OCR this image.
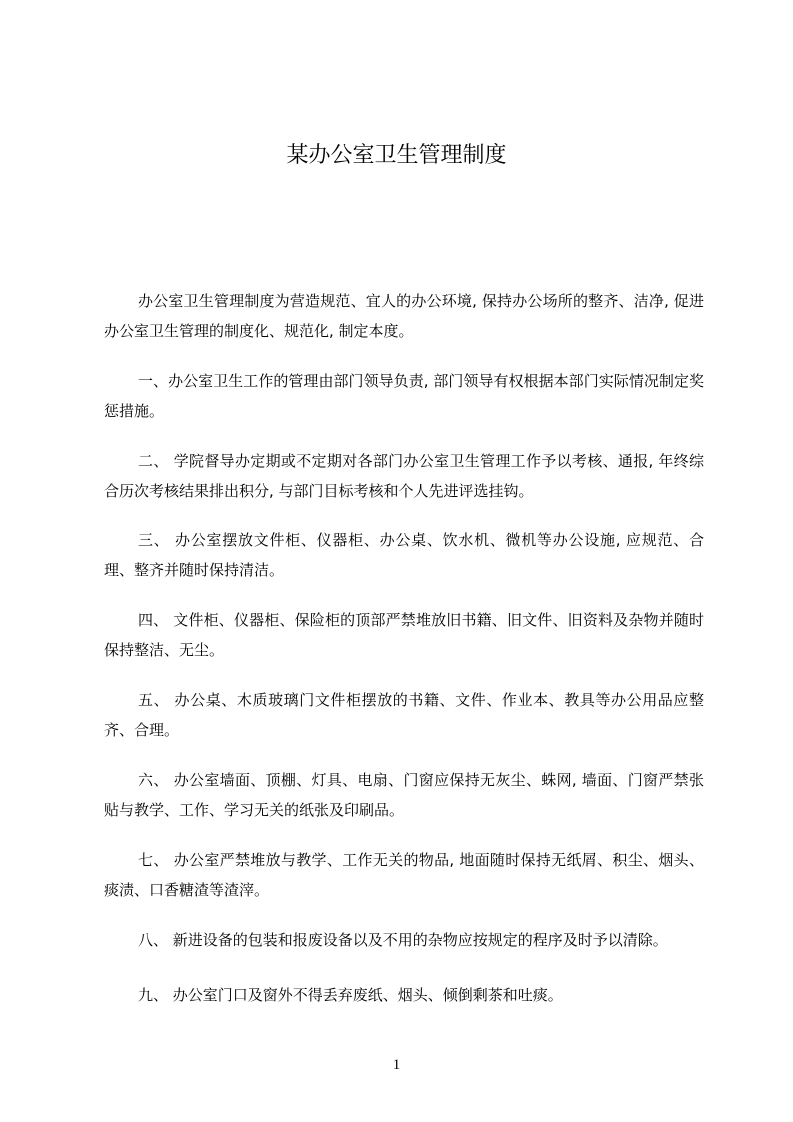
某办公室卫生管理制度

办公室卫生管理制度为营造规范、宜人的办公环境, 保持办公场所的整齐、洁净, 促进办公室卫生管理的制度化、规范化, 制定本度。

一、办公室卫生工作的管理由部门领导负责, 部门领导有权根据本部门实际情况制定奖惩措施。

二、 学院督导办定期或不定期对各部门办公室卫生管理工作予以考核、通报, 年终综合历次考核结果排出积分, 与部门目标考核和个人先进评选挂钩。

三、 办公室摆放文件柜、仪器柜、办公桌、饮水机、微机等办公设施, 应规范、合理、整齐并随时保持清洁。

四、 文件柜、仪器柜、保险柜的顶部严禁堆放旧书籍、旧文件、旧资料及杂物并随时保持整洁、无尘。

五、 办公桌、木质玻璃门文件柜摆放的书籍、文件、作业本、教具等办公用品应整齐、合理。

六、 办公室墙面、顶棚、灯具、电扇、门窗应保持无灰尘、蛛网, 墙面、门窗严禁张贴与教学、工作、学习无关的纸张及印刷品。

七、 办公室严禁堆放与教学、工作无关的物品, 地面随时保持无纸屑、积尘、烟头、痰渍、口香糖渣等渣滓。

八、 新进设备的包装和报废设备以及不用的杂物应按规定的程序及时予以清除。

九、 办公室门口及窗外不得丢弃废纸、烟头、倾倒剩茶和吐痰。

1
